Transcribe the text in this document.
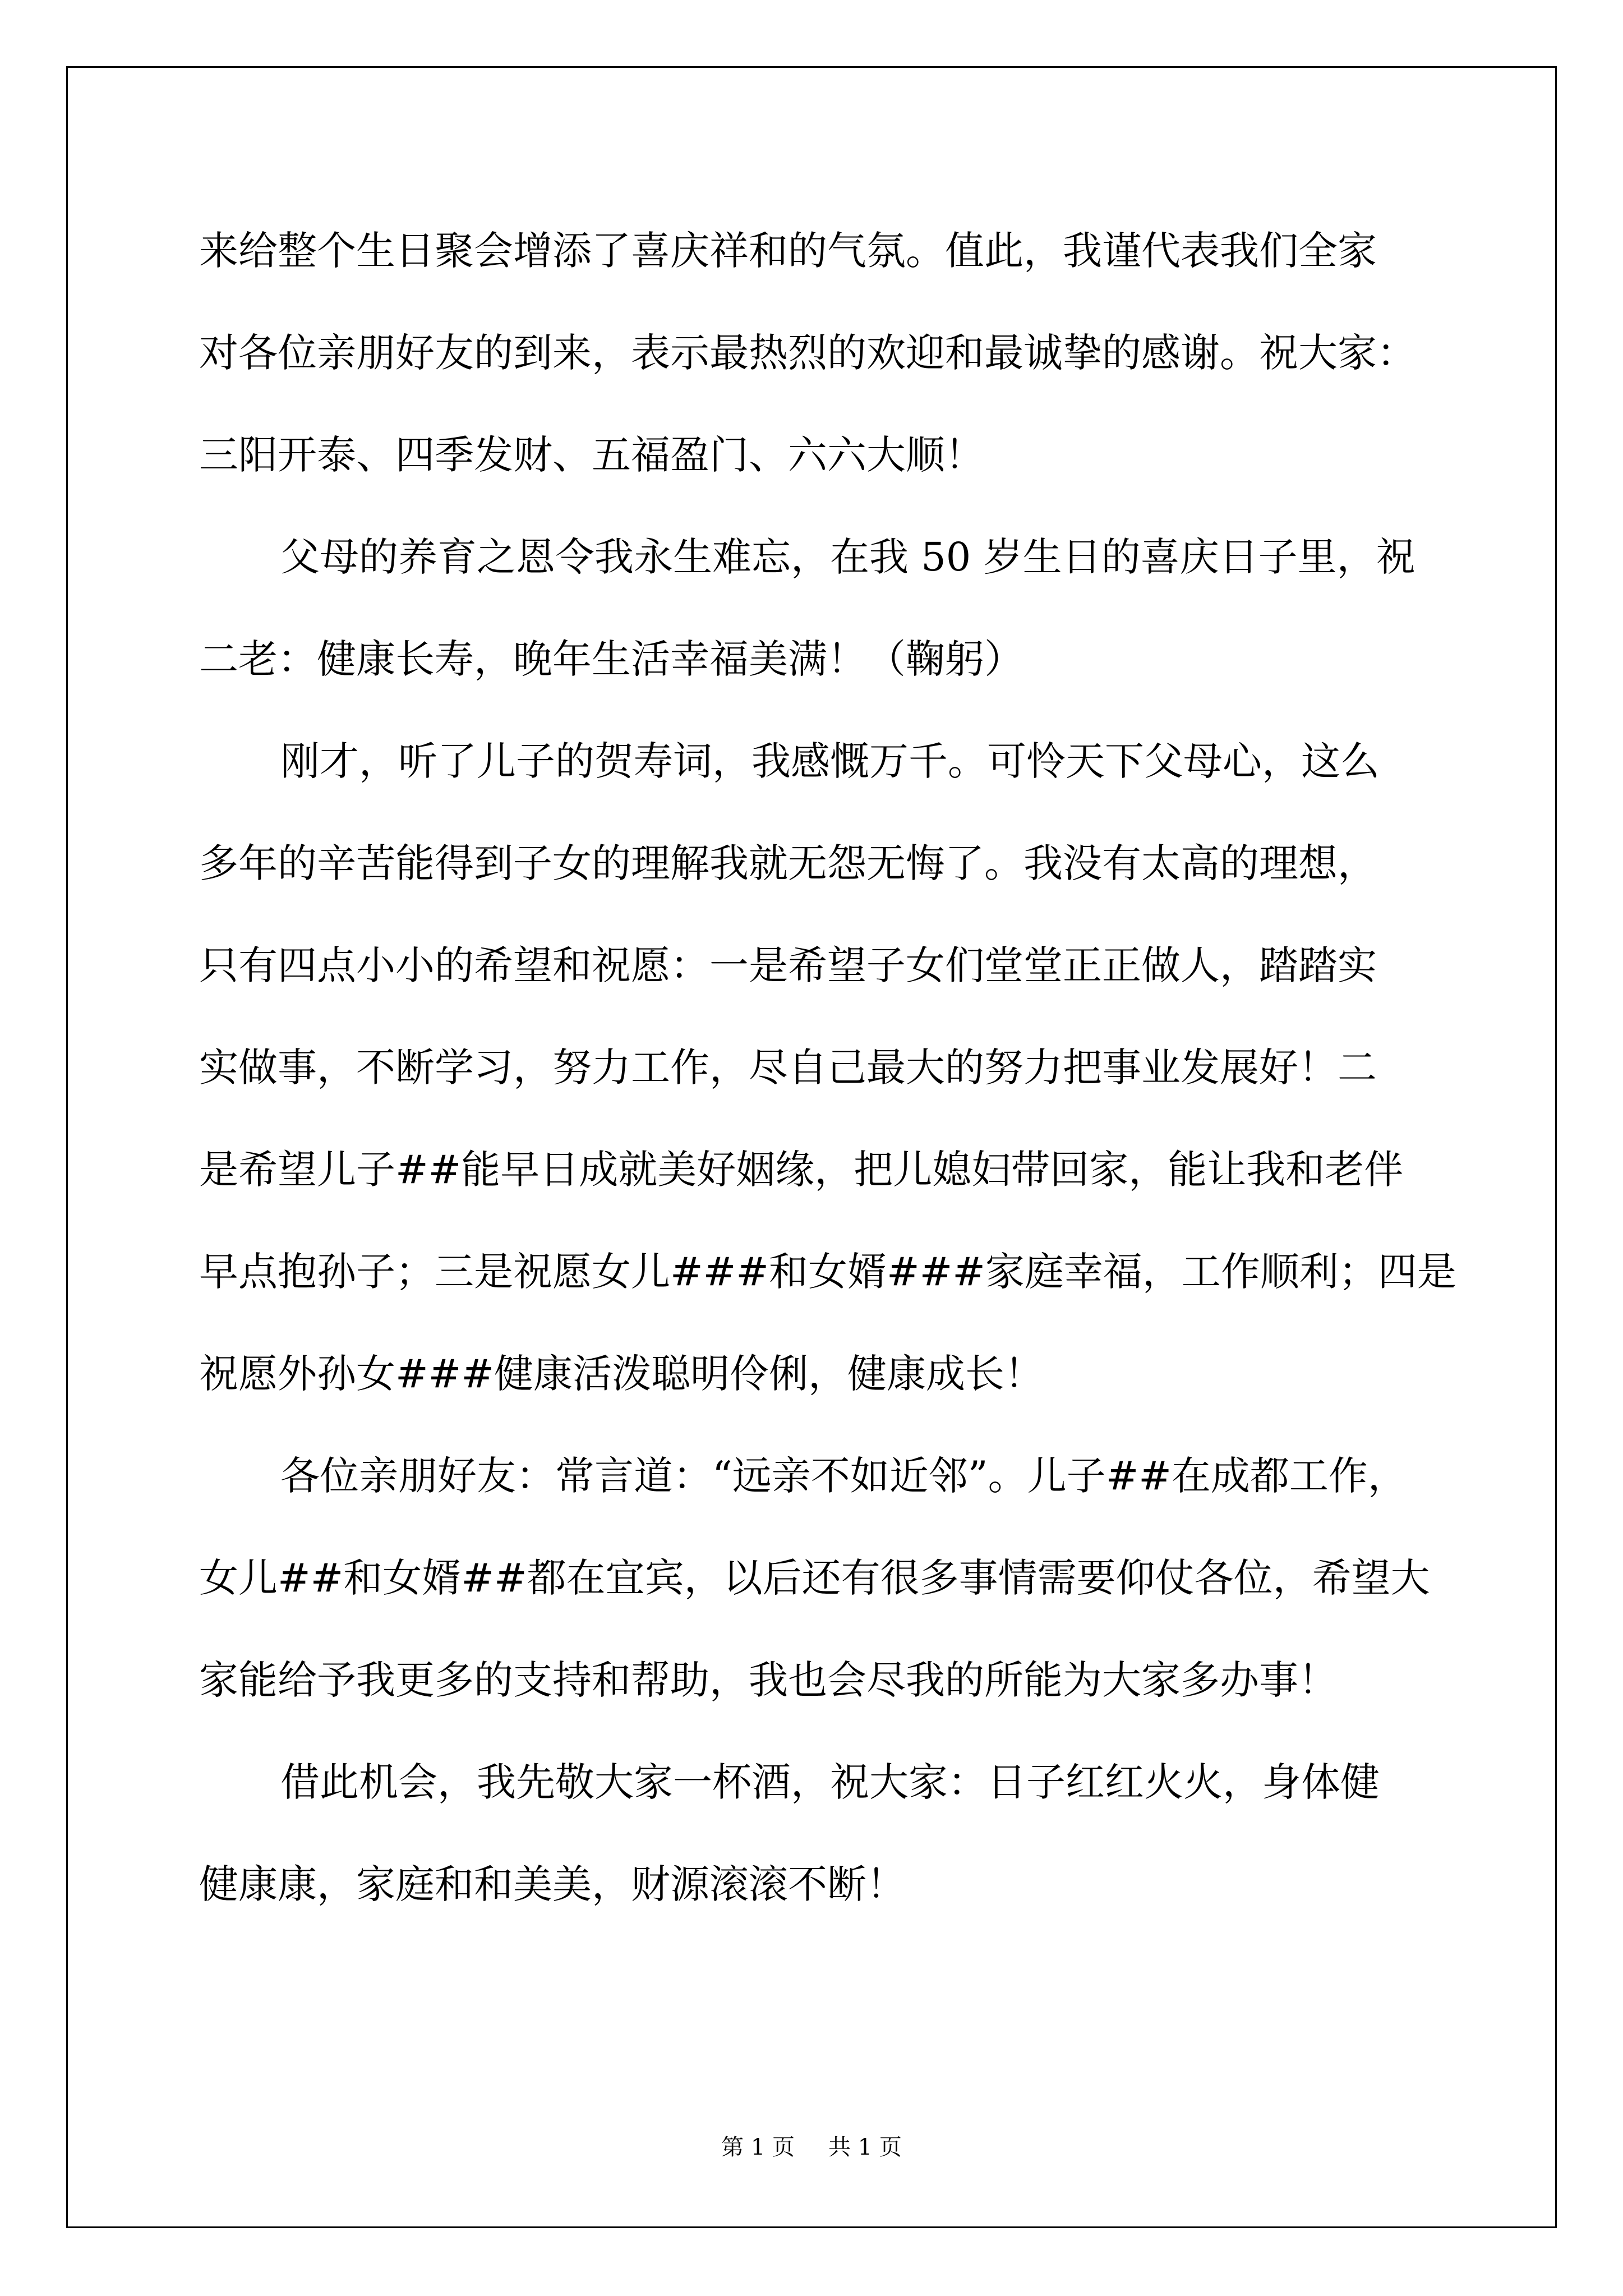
来给整个生日聚会增添了喜庆祥和的气氛。值此，我谨代表我们全家
对各位亲朋好友的到来，表示最热烈的欢迎和最诚挚的感谢。祝大家：
三阳开泰、四季发财、五福盈门、六六大顺！
父母的养育之恩令我永生难忘，在我 50 岁生日的喜庆日子里，祝
二老：健康长寿，晚年生活幸福美满！（鞠躬）
刚才，听了儿子的贺寿词，我感慨万千。可怜天下父母心，这么
多年的辛苦能得到子女的理解我就无怨无悔了。我没有太高的理想，
只有四点小小的希望和祝愿：一是希望子女们堂堂正正做人，踏踏实
实做事，不断学习，努力工作，尽自己最大的努力把事业发展好！二
是希望儿子##能早日成就美好姻缘，把儿媳妇带回家，能让我和老伴
早点抱孙子；三是祝愿女儿###和女婿###家庭幸福，工作顺利；四是
祝愿外孙女###健康活泼聪明伶俐，健康成长！
各位亲朋好友：常言道：“远亲不如近邻”。儿子##在成都工作，
女儿##和女婿##都在宜宾，以后还有很多事情需要仰仗各位，希望大
家能给予我更多的支持和帮助，我也会尽我的所能为大家多办事！
借此机会，我先敬大家一杯酒，祝大家：日子红红火火，身体健
健康康，家庭和和美美，财源滚滚不断！
第 1 页 共 1 页
